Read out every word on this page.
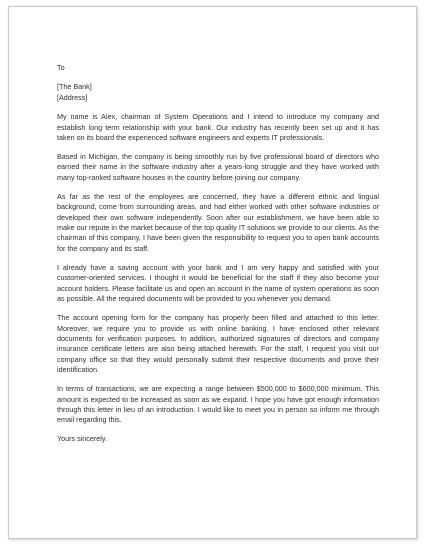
To
[The Bank]
[Address]

My name is Alex, chairman of System Operations and I intend to introduce my company and establish long term relationship with your bank. Our industry has recently been set up and it has taken on its board the experienced software engineers and experts IT professionals.

Based in Michigan, the company is being smoothly run by five professional board of directors who earned their name in the software industry after a years-long struggle and they have worked with many top-ranked software houses in the country before joining our company.

As far as the rest of the employees are concerned, they have a different ethnic and lingual background, come from surrounding areas, and had either worked with other software industries or developed their own software independently. Soon after our establishment, we have been able to make our repute in the market because of the top quality IT solutions we provide to our clients. As the chairman of this company, I have been given the responsibility to request you to open bank accounts for the company and its staff.

I already have a saving account with your bank and I am very happy and satisfied with your customer-oriented services. I thought it would be beneficial for the staff if they also become your account holders. Please facilitate us and open an account in the name of system operations as soon as possible. All the required documents will be provided to you whenever you demand.

The account opening form for the company has properly been filled and attached to this letter. Moreover, we require you to provide us with online banking. I have enclosed other relevant documents for verification purposes. In addition, authorized signatures of directors and company insurance certificate letters are also being attached herewith. For the staff, I request you visit our company office so that they would personally submit their respective documents and prove their identification.

In terms of transactions, we are expecting a range between $500,000 to $600,000 minimum. This amount is expected to be increased as soon as we expand. I hope you have got enough information through this letter in lieu of an introduction. I would like to meet you in person so inform me through email regarding this.

Yours sincerely.
